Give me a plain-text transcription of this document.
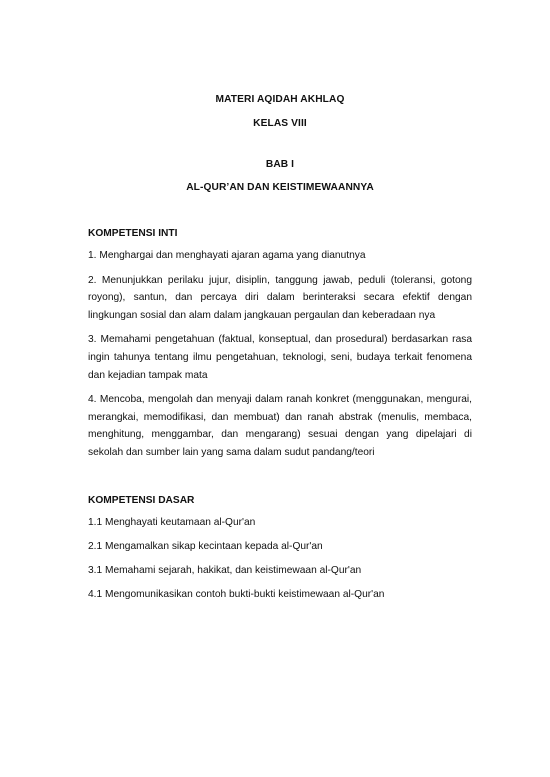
MATERI AQIDAH AKHLAQ
KELAS VIII
BAB I
AL-QUR’AN DAN KEISTIMEWAANNYA

KOMPETENSI INTI

1. Menghargai dan menghayati ajaran agama yang dianutnya

2. Menunjukkan perilaku jujur, disiplin, tanggung jawab, peduli (toleransi, gotong royong), santun, dan percaya diri dalam berinteraksi secara efektif dengan lingkungan sosial dan alam dalam jangkauan pergaulan dan keberadaan nya

3. Memahami pengetahuan (faktual, konseptual, dan prosedural) berdasarkan rasa ingin tahunya tentang ilmu pengetahuan, teknologi, seni, budaya terkait fenomena dan kejadian tampak mata

4. Mencoba, mengolah dan menyaji dalam ranah konkret (menggunakan, mengurai, merangkai, memodifikasi, dan membuat) dan ranah abstrak (menulis, membaca, menghitung, menggambar, dan mengarang) sesuai dengan yang dipelajari di sekolah dan sumber lain yang sama dalam sudut pandang/teori

KOMPETENSI DASAR

1.1 Menghayati keutamaan al-Qur'an
2.1 Mengamalkan sikap kecintaan kepada al-Qur'an
3.1 Memahami sejarah, hakikat, dan keistimewaan al-Qur'an
4.1 Mengomunikasikan contoh bukti-bukti keistimewaan al-Qur'an
